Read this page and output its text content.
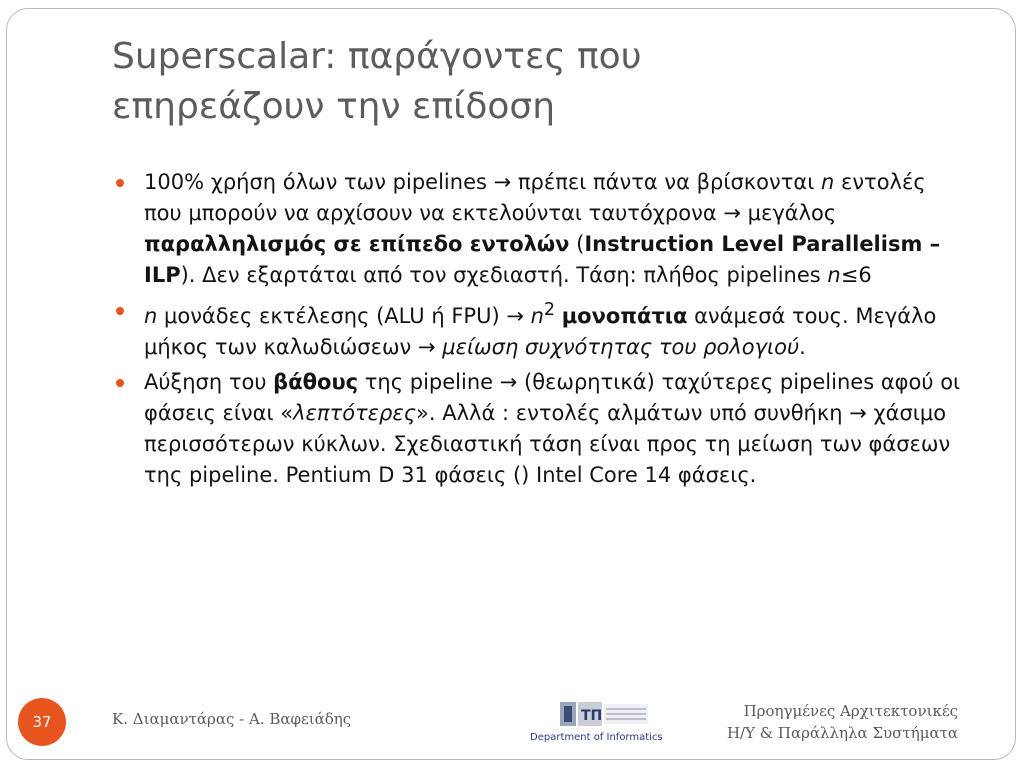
Superscalar: παράγοντες που
επηρεάζουν την επίδοση
100% χρήση όλων των pipelines → πρέπει πάντα να βρίσκονται n εντολές που μπορούν να αρχίσουν να εκτελούνται ταυτόχρονα → μεγάλος παραλληλισμός σε επίπεδο εντολών (Instruction Level Parallelism – ILP). Δεν εξαρτάται από τον σχεδιαστή. Τάση: πλήθος pipelines n≤6
n μονάδες εκτέλεσης (ALU ή $FPU) \to n^2$ μονοπάτια ανάμεσά τους. Μεγάλο μήκος των καλωδιώσεων → μείωση συχνότητας του ρολογιού.
Αύξηση του βάθους της pipeline → (θεωρητικά) ταχύτερες pipelines αφού οι φάσεις είναι «λεπτότερες». Αλλά : εντολές αλμάτων υπό συνθήκη → χάσιμο περισσότερων κύκλων. Σχεδιαστική τάση είναι προς τη μείωση των φάσεων της pipeline. Pentium D 31 φάσεις () Intel Core 14 φάσεις.
37	Κ. Διαμαντάρας - Α. Βαφειάδης	ΤΠ
Department of Informatics
Προηγμένες Αρχιτεκτονικές
Η/Υ & Παράλληλα Συστήματα
